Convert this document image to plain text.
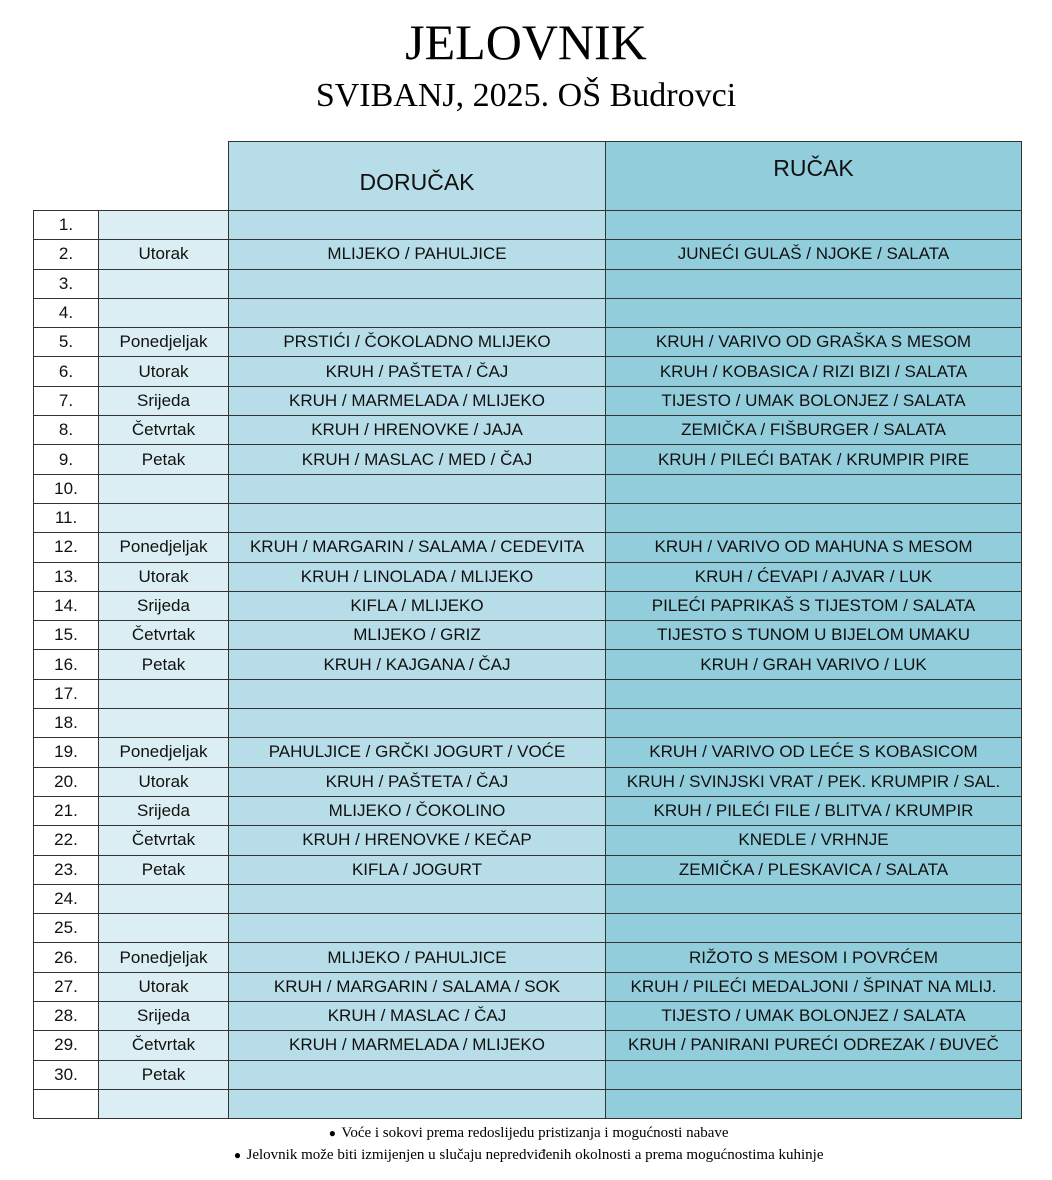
JELOVNIK
SVIBANJ, 2025. OŠ Budrovci
		DORUČAK	RUČAK
1.			
2.	Utorak	MLIJEKO / PAHULJICE	JUNEĆI GULAŠ / NJOKE / SALATA
3.			
4.			
5.	Ponedjeljak	PRSTIĆI / ČOKOLADNO MLIJEKO	KRUH / VARIVO OD GRAŠKA S MESOM
6.	Utorak	KRUH / PAŠTETA / ČAJ	KRUH / KOBASICA / RIZI BIZI / SALATA
7.	Srijeda	KRUH / MARMELADA / MLIJEKO	TIJESTO / UMAK BOLONJEZ / SALATA
8.	Četvrtak	KRUH / HRENOVKE / JAJA	ZEMIČKA / FIŠBURGER / SALATA
9.	Petak	KRUH / MASLAC / MED / ČAJ	KRUH / PILEĆI BATAK / KRUMPIR PIRE
10.			
11.			
12.	Ponedjeljak	KRUH / MARGARIN / SALAMA / CEDEVITA	KRUH / VARIVO OD MAHUNA S MESOM
13.	Utorak	KRUH / LINOLADA / MLIJEKO	KRUH / ĆEVAPI / AJVAR / LUK
14.	Srijeda	KIFLA / MLIJEKO	PILEĆI PAPRIKAŠ S TIJESTOM / SALATA
15.	Četvrtak	MLIJEKO / GRIZ	TIJESTO S TUNOM U BIJELOM UMAKU
16.	Petak	KRUH / KAJGANA / ČAJ	KRUH / GRAH VARIVO / LUK
17.			
18.			
19.	Ponedjeljak	PAHULJICE / GRČKI JOGURT / VOĆE	KRUH / VARIVO OD LEĆE S KOBASICOM
20.	Utorak	KRUH / PAŠTETA / ČAJ	KRUH / SVINJSKI VRAT / PEK. KRUMPIR / SAL.
21.	Srijeda	MLIJEKO / ČOKOLINO	KRUH / PILEĆI FILE / BLITVA / KRUMPIR
22.	Četvrtak	KRUH / HRENOVKE / KEČAP	KNEDLE / VRHNJE
23.	Petak	KIFLA / JOGURT	ZEMIČKA / PLESKAVICA / SALATA
24.			
25.			
26.	Ponedjeljak	MLIJEKO / PAHULJICE	RIŽOTO S MESOM I POVRĆEM
27.	Utorak	KRUH / MARGARIN / SALAMA / SOK	KRUH / PILEĆI MEDALJONI / ŠPINAT NA MLIJ.
28.	Srijeda	KRUH / MASLAC / ČAJ	TIJESTO / UMAK BOLONJEZ / SALATA
29.	Četvrtak	KRUH / MARMELADA / MLIJEKO	KRUH / PANIRANI PUREĆI ODREZAK / ĐUVEČ
30.	Petak		

● Voće i sokovi prema redoslijedu pristizanja i mogućnosti nabave
● Jelovnik može biti izmijenjen u slučaju nepredviđenih okolnosti a prema mogućnostima kuhinje
